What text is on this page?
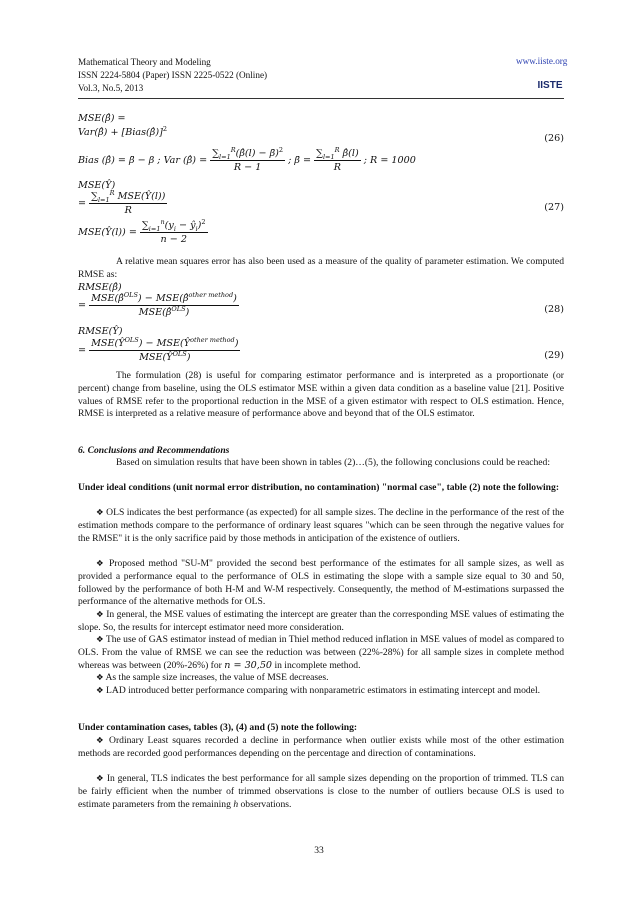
Mathematical Theory and Modeling
ISSN 2224-5804 (Paper) ISSN 2225-0522 (Online)
Vol.3, No.5, 2013
www.iiste.org
IISTE
MSE(β̂) =
Var(β̂) + [Bias(β̂)]$^2$
(26)
Bias (β̂) = β̄ − β ; Var (β̂) = $\frac{\sum_{l=1}^R(\betâ(l) - \betā)^2}{R - 1}$ ; β̄ = $\frac{\sum_{l=1}^R \betâ(l)}{R}$ ; R = 1000
MSE(Ŷ)
= $\frac{\sum_{l=1}^R MSE(Ŷ(l))}{R}$	(27)
MSE(Ŷ(l)) = $\frac{\sum_{i=1}^n(y_i - ŷ_i)^2}{n - 2}$
A relative mean squares error has also been used as a measure of the quality of parameter estimation. We computed RMSE as:
RMSE(β̂)
= $\frac{MSE(\betâ^{OLS}) - MSE(\betâ^{other method})}{MSE(\betâ^{OLS})}$	(28)
RMSE(Ŷ)
= $\frac{MSE(Ŷ^{OLS}) - MSE(Ŷ^{other method})}{MSE(Ŷ^{OLS})}$	(29)
The formulation (28) is useful for comparing estimator performance and is interpreted as a proportionate (or percent) change from baseline, using the OLS estimator MSE within a given data condition as a baseline value [21]. Positive values of RMSE refer to the proportional reduction in the MSE of a given estimator with respect to OLS estimation. Hence, RMSE is interpreted as a relative measure of performance above and beyond that of the OLS estimator.
6. Conclusions and Recommendations
Based on simulation results that have been shown in tables (2)…(5), the following conclusions could be reached:
Under ideal conditions (unit normal error distribution, no contamination) "normal case", table (2) note the following:
❖ OLS indicates the best performance (as expected) for all sample sizes. The decline in the performance of the rest of the estimation methods compare to the performance of ordinary least squares "which can be seen through the negative values for the RMSE" it is the only sacrifice paid by those methods in anticipation of the existence of outliers.
❖ Proposed method "SU-M" provided the second best performance of the estimates for all sample sizes, as well as provided a performance equal to the performance of OLS in estimating the slope with a sample size equal to 30 and 50, followed by the performance of both H-M and W-M respectively. Consequently, the method of M-estimations surpassed the performance of the alternative methods for OLS.
❖ In general, the MSE values of estimating the intercept are greater than the corresponding MSE values of estimating the slope. So, the results for intercept estimator need more consideration.
❖ The use of GAS estimator instead of median in Thiel method reduced inflation in MSE values of model as compared to OLS. From the value of RMSE we can see the reduction was between (22%-28%) for all sample sizes in complete method whereas was between (20%-26%) for n = 30,50 in incomplete method.
❖ As the sample size increases, the value of MSE decreases.
❖ LAD introduced better performance comparing with nonparametric estimators in estimating intercept and model.
Under contamination cases, tables (3), (4) and (5) note the following:
❖ Ordinary Least squares recorded a decline in performance when outlier exists while most of the other estimation methods are recorded good performances depending on the percentage and direction of contaminations.
❖ In general, TLS indicates the best performance for all sample sizes depending on the proportion of trimmed. TLS can be fairly efficient when the number of trimmed observations is close to the number of outliers because OLS is used to estimate parameters from the remaining h observations.
33
